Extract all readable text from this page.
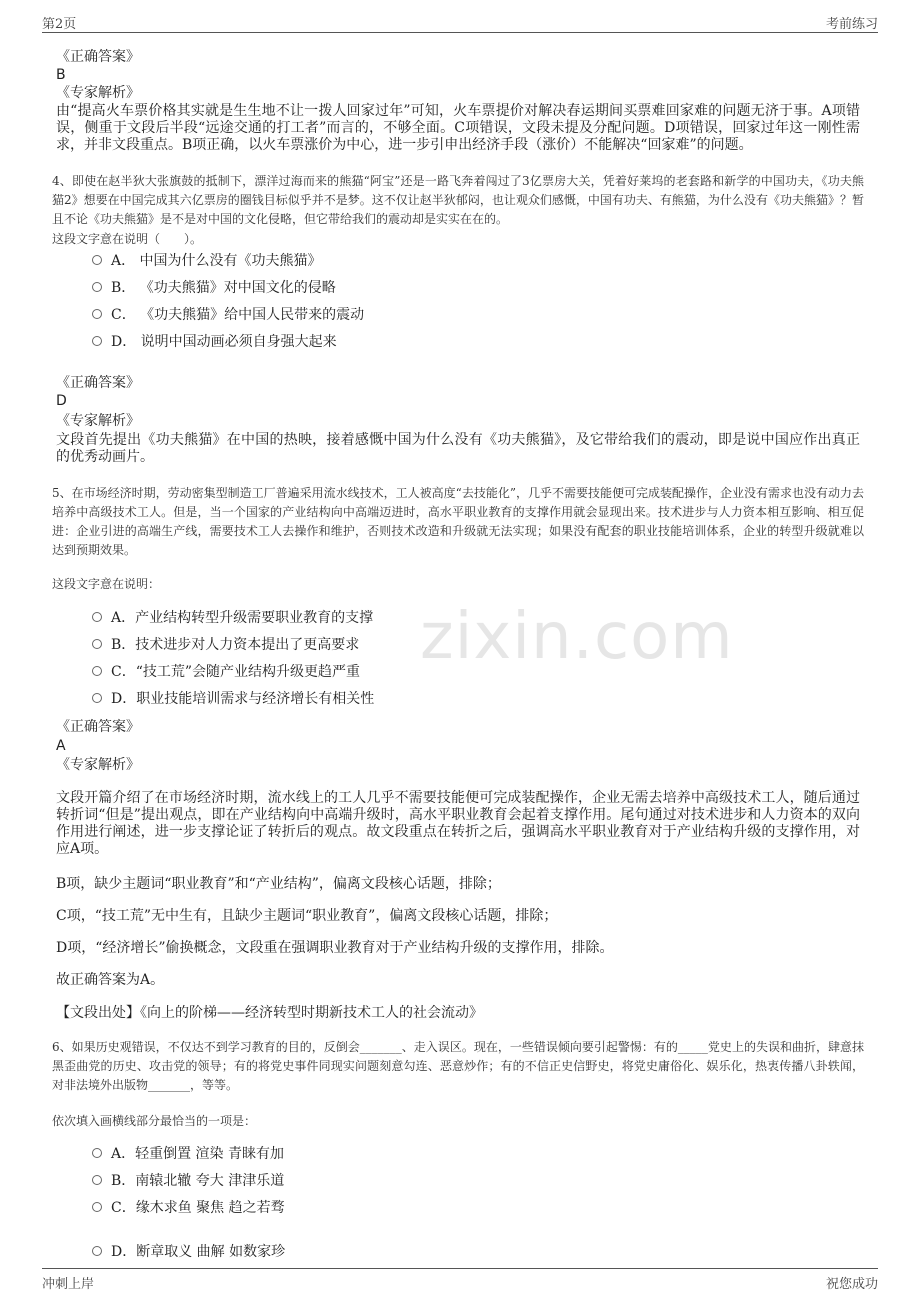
第2页	考前练习
zixin.com
《正确答案》
B
《专家解析》
由“提高火车票价格其实就是生生地不让一拨人回家过年”可知，火车票提价对解决春运期间买票难回家难的问题无济于事。A项错误，侧重于文段后半段“远途交通的打工者”而言的，不够全面。C项错误，文段未提及分配问题。D项错误，回家过年这一刚性需求，并非文段重点。B项正确，以火车票涨价为中心，进一步引申出经济手段（涨价）不能解决“回家难”的问题。
4、即使在赵半狄大张旗鼓的抵制下，漂洋过海而来的熊猫“阿宝”还是一路飞奔着闯过了3亿票房大关，凭着好莱坞的老套路和新学的中国功夫，《功夫熊猫2》想要在中国完成其六亿票房的圈钱目标似乎并不是梦。这不仅让赵半狄郁闷，也让观众们感慨，中国有功夫、有熊猫，为什么没有《功夫熊猫》？暂且不论《功夫熊猫》是不是对中国的文化侵略，但它带给我们的震动却是实实在在的。
这段文字意在说明（　　）。
A． 中国为什么没有《功夫熊猫》
B． 《功夫熊猫》对中国文化的侵略
C． 《功夫熊猫》给中国人民带来的震动
D． 说明中国动画必须自身强大起来
《正确答案》
D
《专家解析》
文段首先提出《功夫熊猫》在中国的热映，接着感慨中国为什么没有《功夫熊猫》，及它带给我们的震动，即是说中国应作出真正的优秀动画片。
5、在市场经济时期，劳动密集型制造工厂普遍采用流水线技术，工人被高度“去技能化”，几乎不需要技能便可完成装配操作，企业没有需求也没有动力去培养中高级技术工人。但是，当一个国家的产业结构向中高端迈进时，高水平职业教育的支撑作用就会显现出来。技术进步与人力资本相互影响、相互促进：企业引进的高端生产线，需要技术工人去操作和维护，否则技术改造和升级就无法实现；如果没有配套的职业技能培训体系，企业的转型升级就难以达到预期效果。
这段文字意在说明：
A．产业结构转型升级需要职业教育的支撑
B．技术进步对人力资本提出了更高要求
C．“技工荒”会随产业结构升级更趋严重
D．职业技能培训需求与经济增长有相关性
《正确答案》
A
《专家解析》
文段开篇介绍了在市场经济时期，流水线上的工人几乎不需要技能便可完成装配操作，企业无需去培养中高级技术工人，随后通过转折词“但是”提出观点，即在产业结构向中高端升级时，高水平职业教育会起着支撑作用。尾句通过对技术进步和人力资本的双向作用进行阐述，进一步支撑论证了转折后的观点。故文段重点在转折之后，强调高水平职业教育对于产业结构升级的支撑作用，对应A项。
B项，缺少主题词“职业教育”和“产业结构”，偏离文段核心话题，排除；
C项，“技工荒”无中生有，且缺少主题词“职业教育”，偏离文段核心话题，排除；
D项，“经济增长”偷换概念，文段重在强调职业教育对于产业结构升级的支撑作用，排除。
故正确答案为A。
【文段出处】《向上的阶梯——经济转型时期新技术工人的社会流动》
6、如果历史观错误，不仅达不到学习教育的目的，反倒会_______、走入误区。现在，一些错误倾向要引起警惕：有的_____党史上的失误和曲折，肆意抹黑歪曲党的历史、攻击党的领导；有的将党史事件同现实问题刻意勾连、恶意炒作；有的不信正史信野史，将党史庸俗化、娱乐化，热衷传播八卦轶闻，对非法境外出版物_______，等等。
依次填入画横线部分最恰当的一项是：
A．轻重倒置 渲染 青睐有加
B．南辕北辙 夸大 津津乐道
C．缘木求鱼 聚焦 趋之若骛
D．断章取义 曲解 如数家珍
冲刺上岸	祝您成功
